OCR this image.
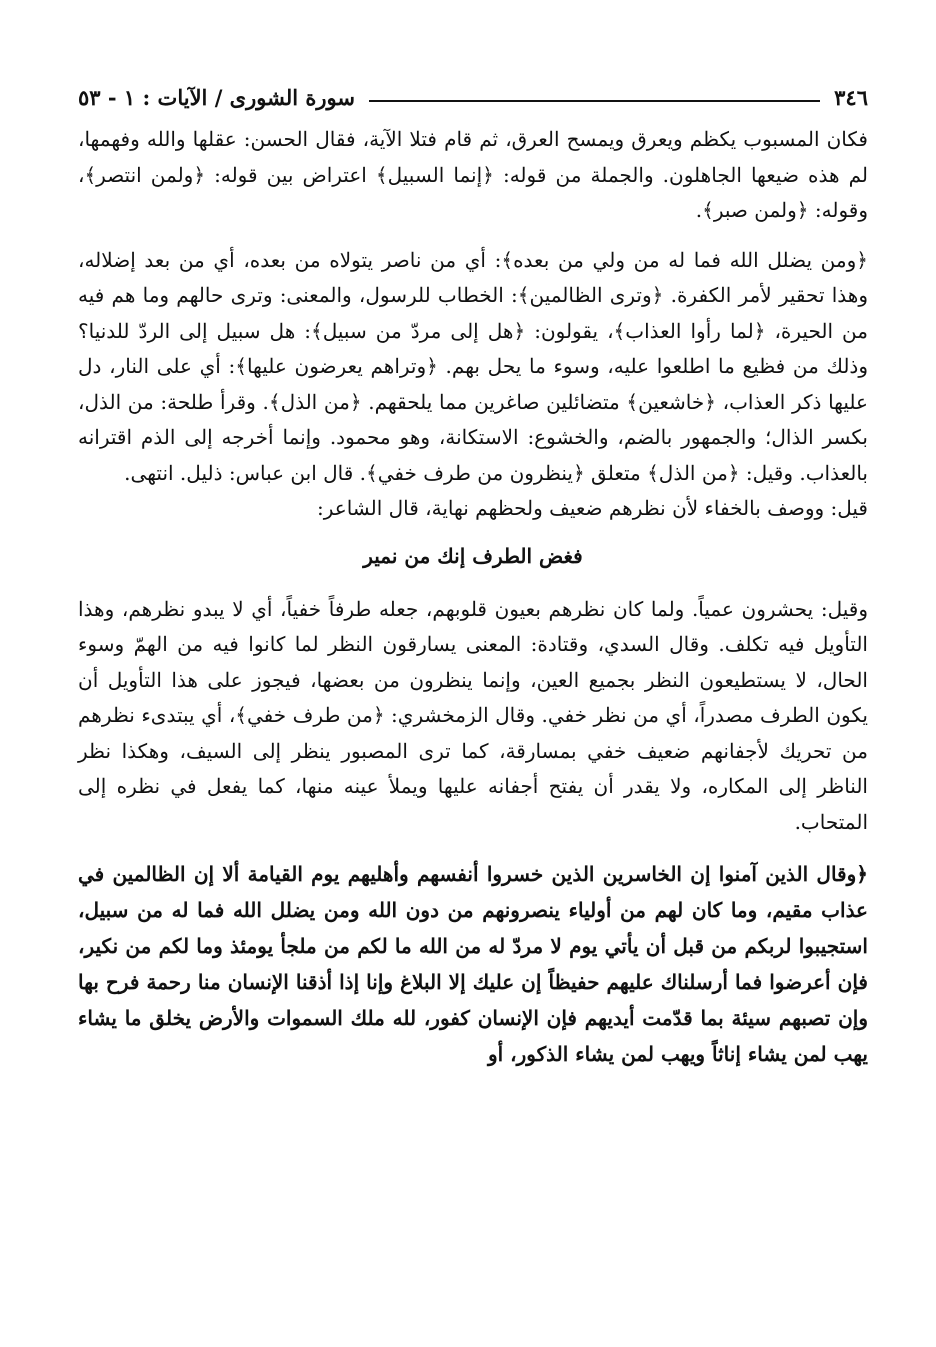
٣٤٦
سورة الشورى / الآيات : ١ - ٥٣

فكان المسبوب يكظم ويعرق ويمسح العرق، ثم قام فتلا الآية، فقال الحسن: عقلها والله وفهمها، لم هذه ضيعها الجاهلون. والجملة من قوله: ﴿إنما السبيل﴾ اعتراض بين قوله: ﴿ولمن انتصر﴾، وقوله: ﴿ولمن صبر﴾.

﴿ومن يضلل الله فما له من ولي من بعده﴾: أي من ناصر يتولاه من بعده، أي من بعد إضلاله، وهذا تحقير لأمر الكفرة. ﴿وترى الظالمين﴾: الخطاب للرسول، والمعنى: وترى حالهم وما هم فيه من الحيرة، ﴿لما رأوا العذاب﴾، يقولون: ﴿هل إلى مردّ من سبيل﴾: هل سبيل إلى الردّ للدنيا؟ وذلك من فظيع ما اطلعوا عليه، وسوء ما يحل بهم. ﴿وتراهم يعرضون عليها﴾: أي على النار، دل عليها ذكر العذاب، ﴿خاشعين﴾ متضائلين صاغرين مما يلحقهم. ﴿من الذل﴾. وقرأ طلحة: من الذل، بكسر الذال؛ والجمهور بالضم، والخشوع: الاستكانة، وهو محمود. وإنما أخرجه إلى الذم اقترانه بالعذاب. وقيل: ﴿من الذل﴾ متعلق ﴿ينظرون من طرف خفي﴾. قال ابن عباس: ذليل. انتهى.

قيل: ووصف بالخفاء لأن نظرهم ضعيف ولحظهم نهاية، قال الشاعر:

فغض الطرف إنك من نمير

وقيل: يحشرون عمياً. ولما كان نظرهم بعيون قلوبهم، جعله طرفاً خفياً، أي لا يبدو نظرهم، وهذا التأويل فيه تكلف. وقال السدي، وقتادة: المعنى يسارقون النظر لما كانوا فيه من الهمّ وسوء الحال، لا يستطيعون النظر بجميع العين، وإنما ينظرون من بعضها، فيجوز على هذا التأويل أن يكون الطرف مصدراً، أي من نظر خفي. وقال الزمخشري: ﴿من طرف خفي﴾، أي يبتدىء نظرهم من تحريك لأجفانهم ضعيف خفي بمسارقة، كما ترى المصبور ينظر إلى السيف، وهكذا نظر الناظر إلى المكاره، ولا يقدر أن يفتح أجفانه عليها ويملأ عينه منها، كما يفعل في نظره إلى المتحاب.

﴿وقال الذين آمنوا إن الخاسرين الذين خسروا أنفسهم وأهليهم يوم القيامة ألا إن الظالمين في عذاب مقيم، وما كان لهم من أولياء ينصرونهم من دون الله ومن يضلل الله فما له من سبيل، استجيبوا لربكم من قبل أن يأتي يوم لا مردّ له من الله ما لكم من ملجأ يومئذ وما لكم من نكير، فإن أعرضوا فما أرسلناك عليهم حفيظاً إن عليك إلا البلاغ وإنا إذا أذقنا الإنسان منا رحمة فرح بها وإن تصبهم سيئة بما قدّمت أيديهم فإن الإنسان كفور، لله ملك السموات والأرض يخلق ما يشاء يهب لمن يشاء إناثاً ويهب لمن يشاء الذكور، أو
